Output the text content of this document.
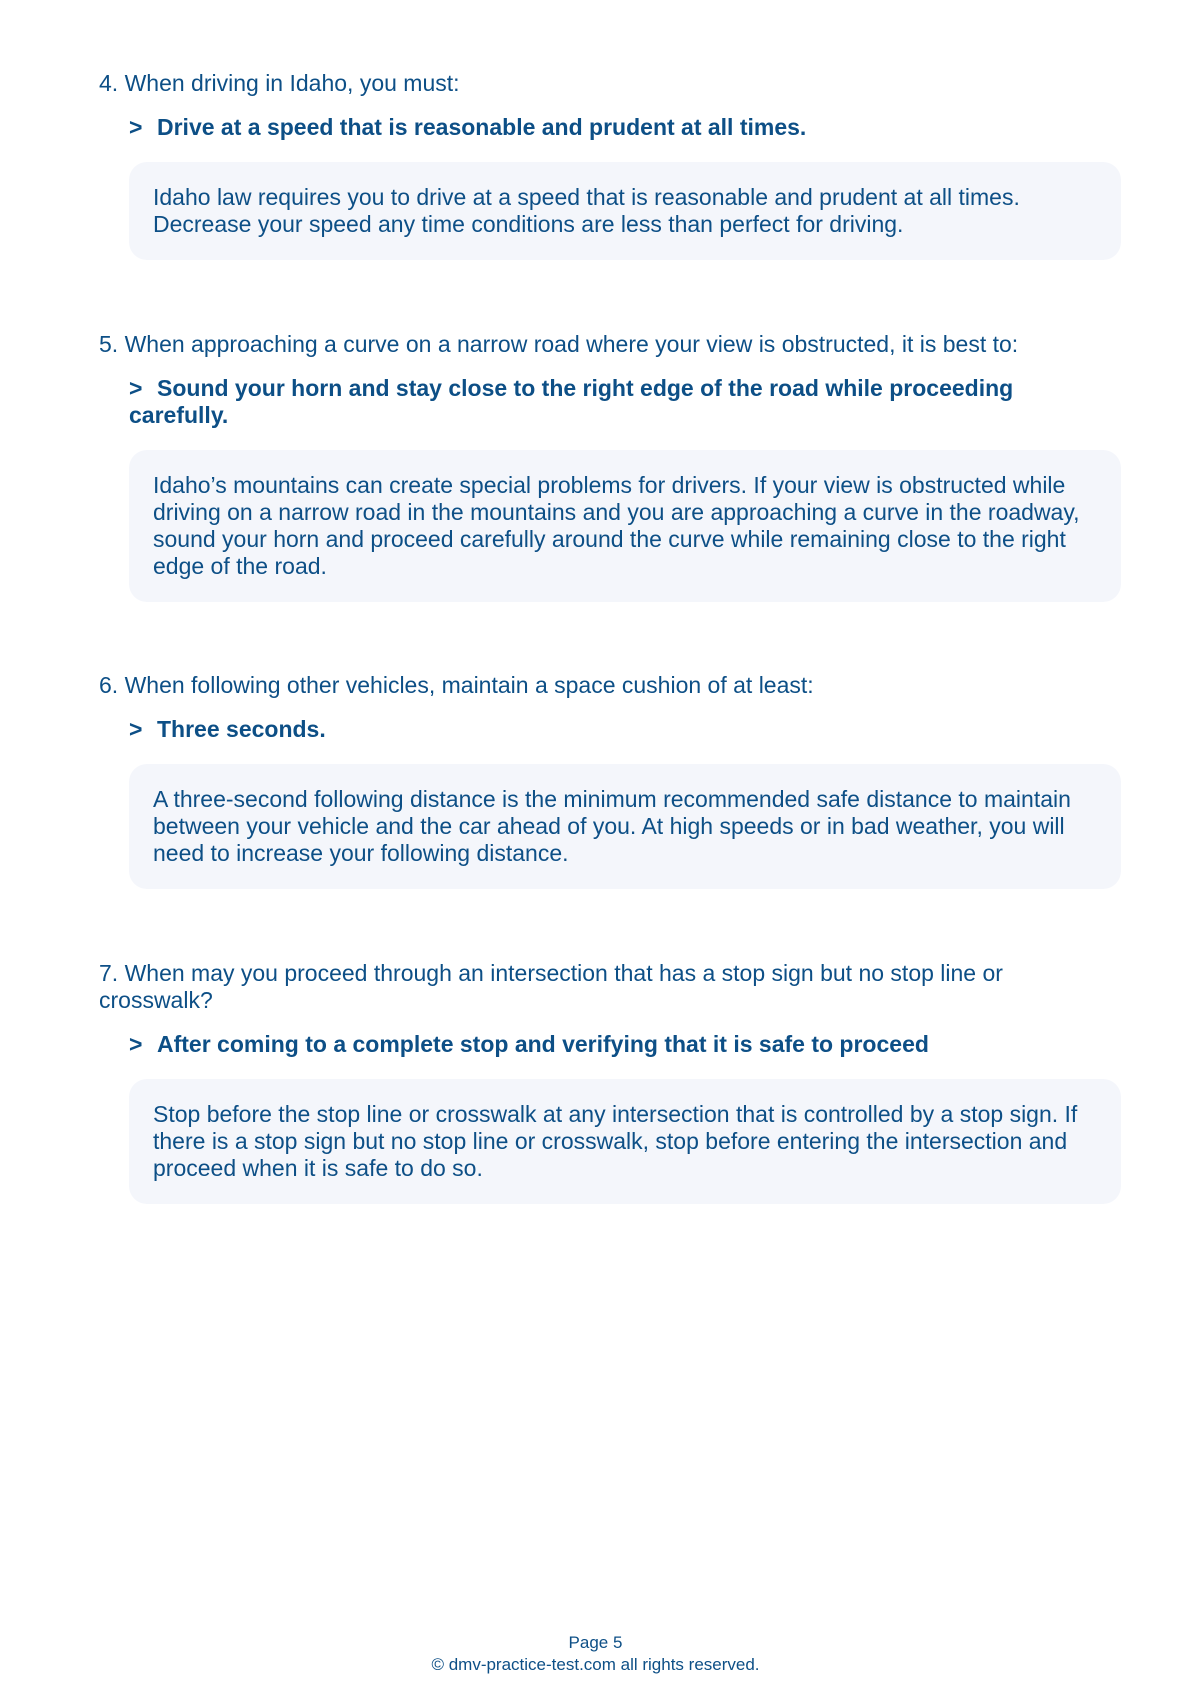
4. When driving in Idaho, you must:

> Drive at a speed that is reasonable and prudent at all times.
Idaho law requires you to drive at a speed that is reasonable and prudent at all times. Decrease your speed any time conditions are less than perfect for driving.

5. When approaching a curve on a narrow road where your view is obstructed, it is best to:

> Sound your horn and stay close to the right edge of the road while proceeding carefully.
Idaho’s mountains can create special problems for drivers. If your view is obstructed while driving on a narrow road in the mountains and you are approaching a curve in the roadway, sound your horn and proceed carefully around the curve while remaining close to the right edge of the road.

6. When following other vehicles, maintain a space cushion of at least:

> Three seconds.
A three-second following distance is the minimum recommended safe distance to maintain between your vehicle and the car ahead of you. At high speeds or in bad weather, you will need to increase your following distance.

7. When may you proceed through an intersection that has a stop sign but no stop line or crosswalk?

> After coming to a complete stop and verifying that it is safe to proceed
Stop before the stop line or crosswalk at any intersection that is controlled by a stop sign. If there is a stop sign but no stop line or crosswalk, stop before entering the intersection and proceed when it is safe to do so.
Page 5
© dmv-practice-test.com all rights reserved.
